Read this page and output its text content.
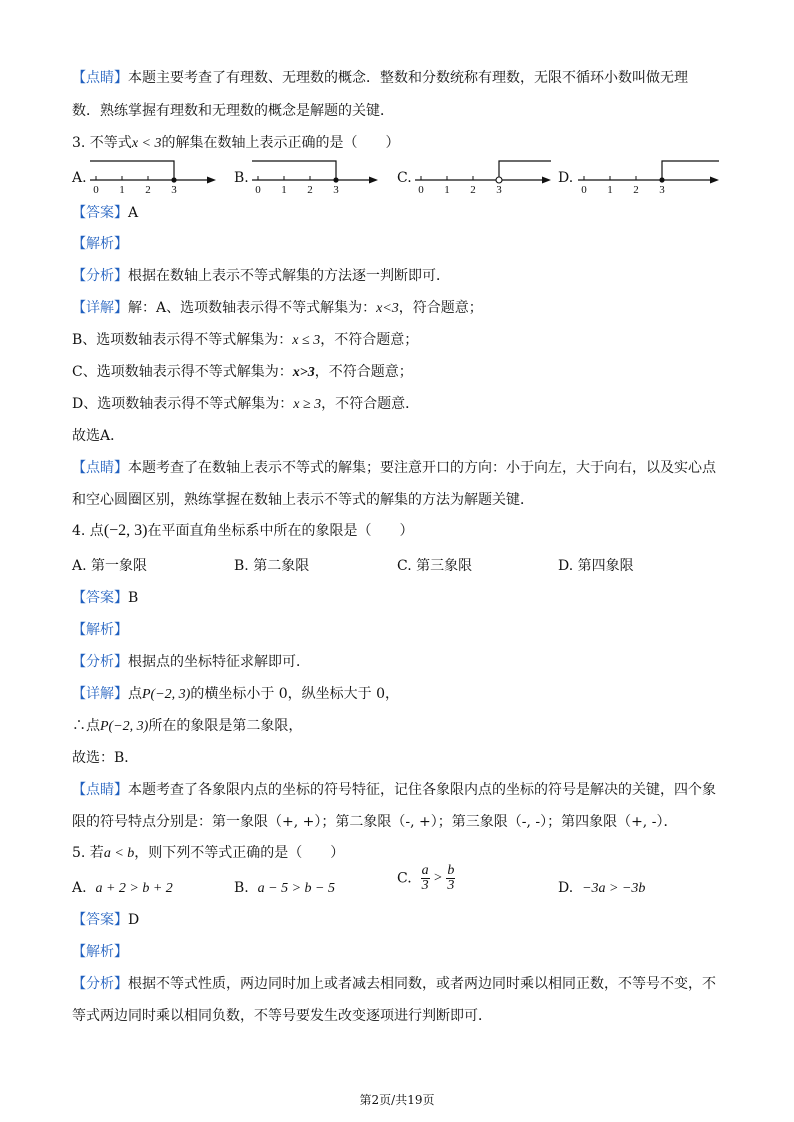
【点睛】本题主要考查了有理数、无理数的概念．整数和分数统称有理数，无限不循环小数叫做无理
数．熟练掌握有理数和无理数的概念是解题的关键．
3. 不等式x < 3的解集在数轴上表示正确的是（　　）
A.
0 1 2 3
B.
0 1 2 3
C.
0 1 2 3
D.
0 1 2 3
【答案】A
【解析】
【分析】根据在数轴上表示不等式解集的方法逐一判断即可．
【详解】解：A、选项数轴表示得不等式解集为：x<3，符合题意；
B、选项数轴表示得不等式解集为：x ≤ 3，不符合题意；
C、选项数轴表示得不等式解集为：x>3，不符合题意；
D、选项数轴表示得不等式解集为：x ≥ 3，不符合题意．
故选A．
【点睛】本题考查了在数轴上表示不等式的解集；要注意开口的方向：小于向左，大于向右，以及实心点
和空心圆圈区别，熟练掌握在数轴上表示不等式的解集的方法为解题关键．
4. 点(−2, 3)在平面直角坐标系中所在的象限是（　　）
A. 第一象限	B. 第二象限	C. 第三象限	D. 第四象限
【答案】B
【解析】
【分析】根据点的坐标特征求解即可．
【详解】点P(−2, 3)的横坐标小于 0，纵坐标大于 0，
∴点P(−2, 3)所在的象限是第二象限，
故选：B．
【点睛】本题考查了各象限内点的坐标的符号特征，记住各象限内点的坐标的符号是解决的关键，四个象
限的符号特点分别是：第一象限（+, +）；第二象限（-, +）；第三象限（-, -）；第四象限（+, -）．
5. 若a < b，则下列不等式正确的是（　　）
A. a + 2 > b + 2	B. a − 5 > b − 5
C. $\frac{a}{3} > \frac{b}{3}$	D. −3a > −3b
【答案】D
【解析】
【分析】根据不等式性质，两边同时加上或者减去相同数，或者两边同时乘以相同正数，不等号不变，不
等式两边同时乘以相同负数，不等号要发生改变逐项进行判断即可．
第2页/共19页
